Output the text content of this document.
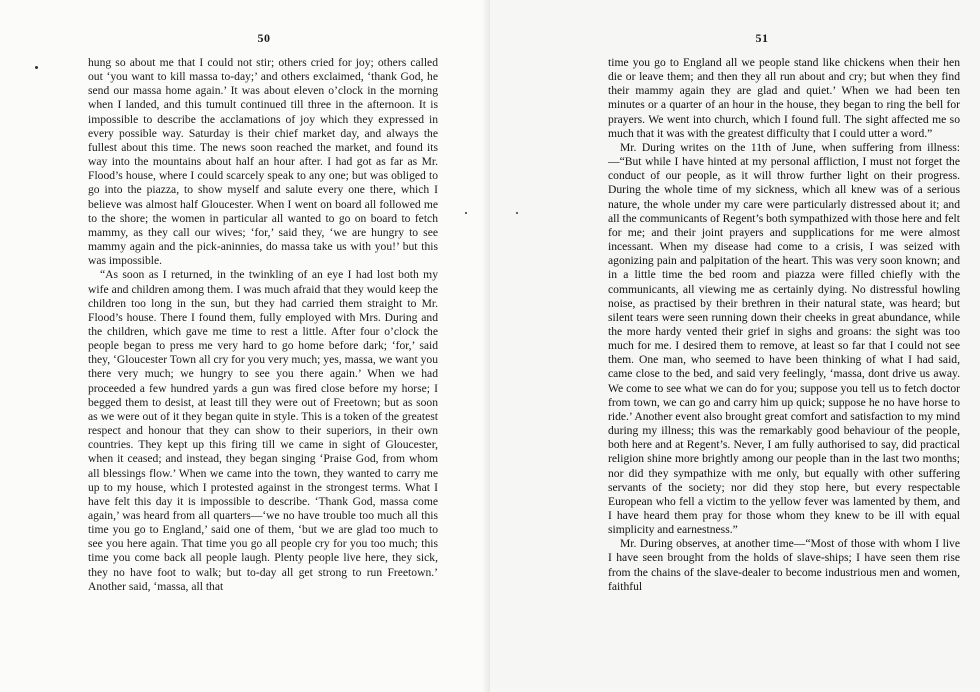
50

hung so about me that I could not stir; others cried for joy; others called out ‘you want to kill massa to-day;’ and others exclaimed, ‘thank God, he send our massa home again.’ It was about eleven o’clock in the morning when I landed, and this tumult continued till three in the afternoon. It is impossible to describe the acclamations of joy which they expressed in every possible way. Saturday is their chief market day, and always the fullest about this time. The news soon reached the market, and found its way into the mountains about half an hour after. I had got as far as Mr. Flood’s house, where I could scarcely speak to any one; but was obliged to go into the piazza, to show myself and salute every one there, which I believe was almost half Gloucester. When I went on board all followed me to the shore; the women in particular all wanted to go on board to fetch mammy, as they call our wives; ‘for,’ said they, ‘we are hungry to see mammy again and the pick-aninnies, do massa take us with you!’ but this was impossible.

“As soon as I returned, in the twinkling of an eye I had lost both my wife and children among them. I was much afraid that they would keep the children too long in the sun, but they had carried them straight to Mr. Flood’s house. There I found them, fully employed with Mrs. During and the children, which gave me time to rest a little. After four o’clock the people began to press me very hard to go home before dark; ‘for,’ said they, ‘Gloucester Town all cry for you very much; yes, massa, we want you there very much; we hungry to see you there again.’ When we had proceeded a few hundred yards a gun was fired close before my horse; I begged them to desist, at least till they were out of Freetown; but as soon as we were out of it they began quite in style. This is a token of the greatest respect and honour that they can show to their superiors, in their own countries. They kept up this firing till we came in sight of Gloucester, when it ceased; and instead, they began singing ‘Praise God, from whom all blessings flow.’ When we came into the town, they wanted to carry me up to my house, which I protested against in the strongest terms. What I have felt this day it is impossible to describe. ‘Thank God, massa come again,’ was heard from all quarters—‘we no have trouble too much all this time you go to England,’ said one of them, ‘but we are glad too much to see you here again. That time you go all people cry for you too much; this time you come back all people laugh. Plenty people live here, they sick, they no have foot to walk; but to-day all get strong to run Freetown.’ Another said, ‘massa, all that

51

time you go to England all we people stand like chickens when their hen die or leave them; and then they all run about and cry; but when they find their mammy again they are glad and quiet.’ When we had been ten minutes or a quarter of an hour in the house, they began to ring the bell for prayers. We went into church, which I found full. The sight affected me so much that it was with the greatest difficulty that I could utter a word.”

Mr. During writes on the 11th of June, when suffering from illness:—“But while I have hinted at my personal affliction, I must not forget the conduct of our people, as it will throw further light on their progress. During the whole time of my sickness, which all knew was of a serious nature, the whole under my care were particularly distressed about it; and all the communicants of Regent’s both sympathized with those here and felt for me; and their joint prayers and supplications for me were almost incessant. When my disease had come to a crisis, I was seized with agonizing pain and palpitation of the heart. This was very soon known; and in a little time the bed room and piazza were filled chiefly with the communicants, all viewing me as certainly dying. No distressful howling noise, as practised by their brethren in their natural state, was heard; but silent tears were seen running down their cheeks in great abundance, while the more hardy vented their grief in sighs and groans: the sight was too much for me. I desired them to remove, at least so far that I could not see them. One man, who seemed to have been thinking of what I had said, came close to the bed, and said very feelingly, ‘massa, dont drive us away. We come to see what we can do for you; suppose you tell us to fetch doctor from town, we can go and carry him up quick; suppose he no have horse to ride.’ Another event also brought great comfort and satisfaction to my mind during my illness; this was the remarkably good behaviour of the people, both here and at Regent’s. Never, I am fully authorised to say, did practical religion shine more brightly among our people than in the last two months; nor did they sympathize with me only, but equally with other suffering servants of the society; nor did they stop here, but every respectable European who fell a victim to the yellow fever was lamented by them, and I have heard them pray for those whom they knew to be ill with equal simplicity and earnestness.”

Mr. During observes, at another time—“Most of those with whom I live I have seen brought from the holds of slave-ships; I have seen them rise from the chains of the slave-dealer to become industrious men and women, faithful
